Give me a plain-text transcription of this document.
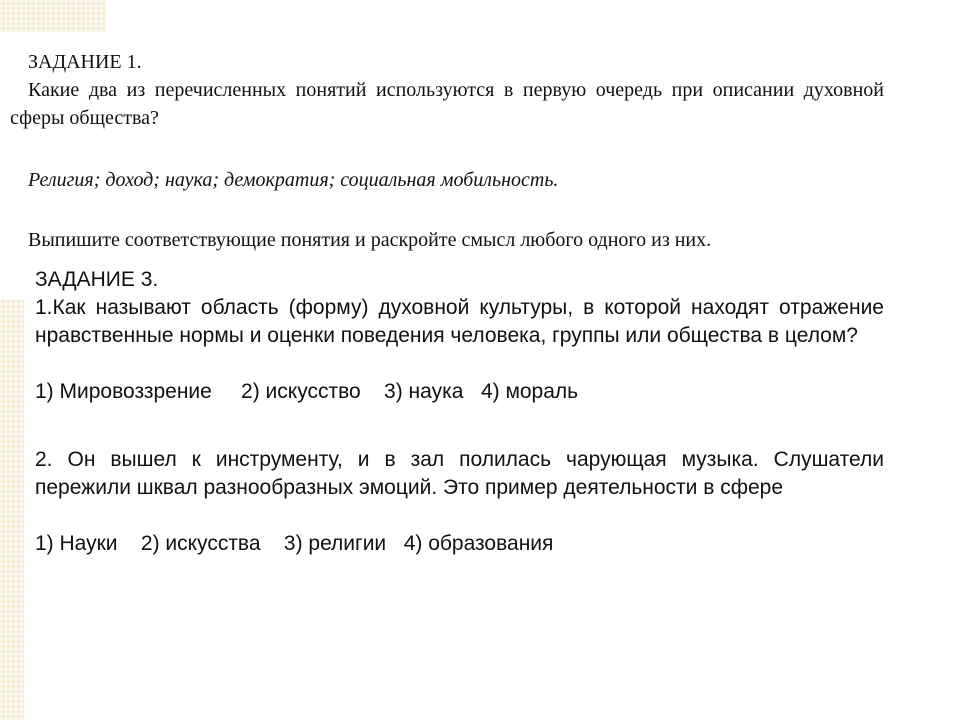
ЗАДАНИЕ 1.
Какие два из перечисленных понятий используются в первую очередь при описании духовной сферы общества?
Религия; доход; наука; демократия; социальная мобильность.
Выпишите соответствующие понятия и раскройте смысл любого одного из них.
ЗАДАНИЕ 3.
1.Как называют область (форму) духовной культуры, в которой находят отражение нравственные нормы и оценки поведения человека, группы или общества в целом?
1) Мировоззрение 2) искусство 3) наука 4) мораль
2. Он вышел к инструменту, и в зал полилась чарующая музыка. Слушатели пережили шквал разнообразных эмоций. Это пример деятельности в сфере
1) Науки 2) искусства 3) религии 4) образования
